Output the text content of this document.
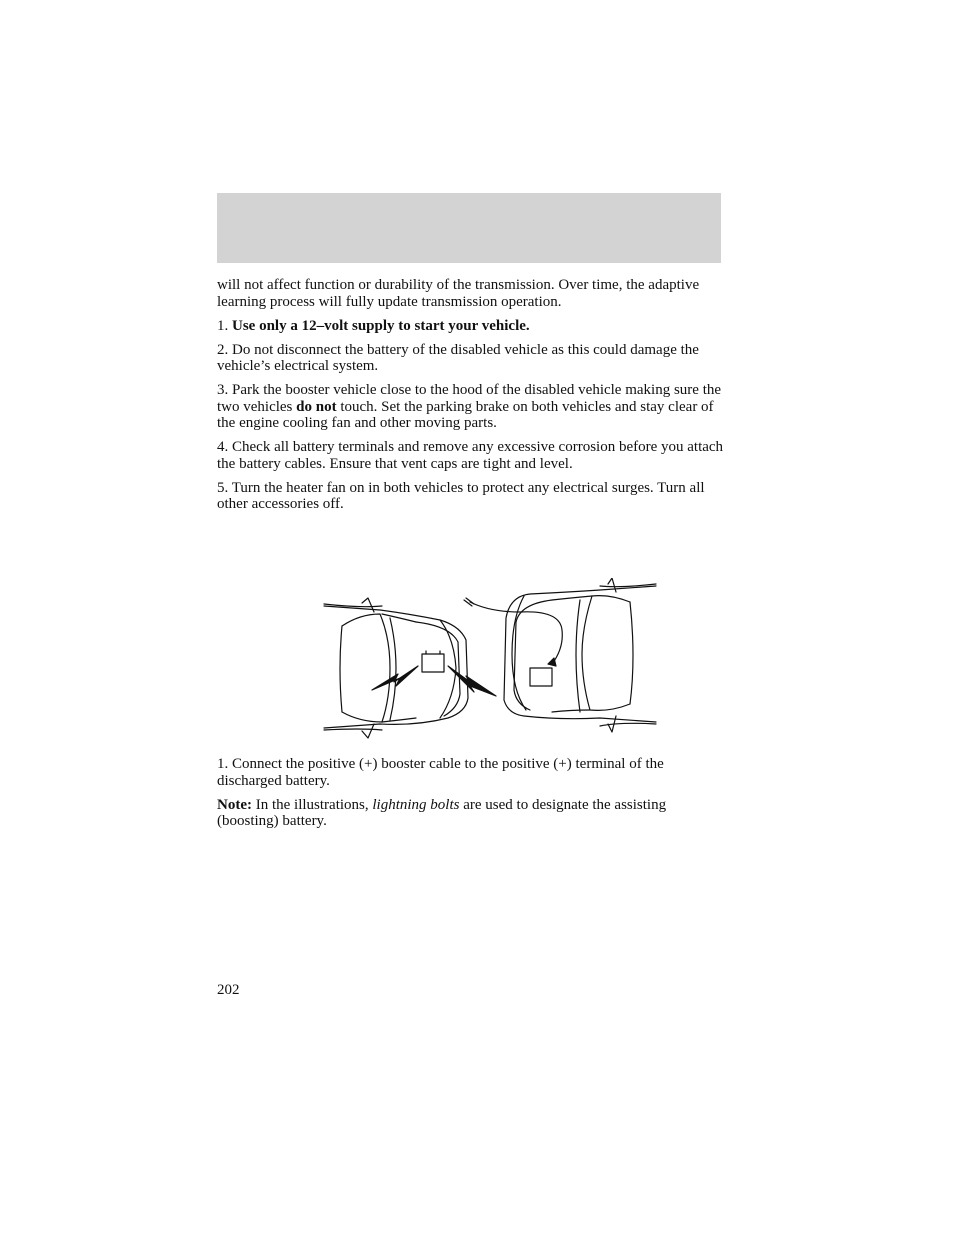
will not affect function or durability of the transmission. Over time, the adaptive learning process will fully update transmission operation.

1. Use only a 12–volt supply to start your vehicle.

2. Do not disconnect the battery of the disabled vehicle as this could damage the vehicle’s electrical system.

3. Park the booster vehicle close to the hood of the disabled vehicle making sure the two vehicles do not touch. Set the parking brake on both vehicles and stay clear of the engine cooling fan and other moving parts.

4. Check all battery terminals and remove any excessive corrosion before you attach the battery cables. Ensure that vent caps are tight and level.

5. Turn the heater fan on in both vehicles to protect any electrical surges. Turn all other accessories off.

1. Connect the positive (+) booster cable to the positive (+) terminal of the discharged battery.

Note: In the illustrations, lightning bolts are used to designate the assisting (boosting) battery.

202
